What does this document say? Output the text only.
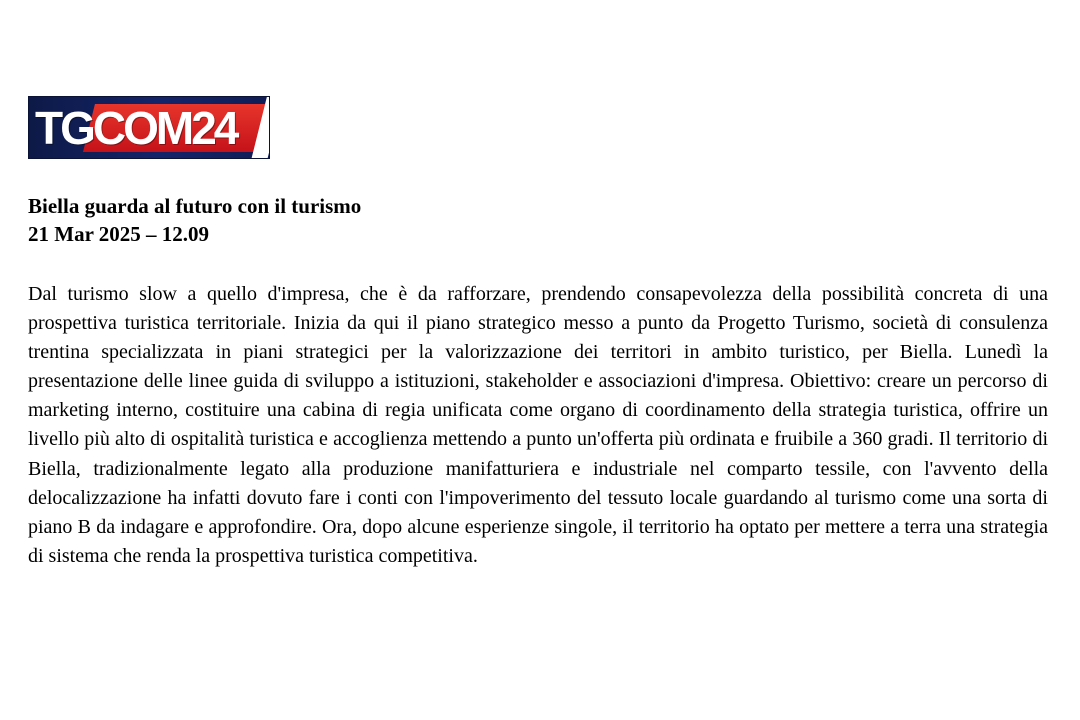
TGCOM24
Biella guarda al futuro con il turismo
21 Mar 2025 – 12.09

Dal turismo slow a quello d'impresa, che è da rafforzare, prendendo consapevolezza della possibilità concreta di una prospettiva turistica territoriale. Inizia da qui il piano strategico messo a punto da Progetto Turismo, società di consulenza trentina specializzata in piani strategici per la valorizzazione dei territori in ambito turistico, per Biella. Lunedì la presentazione delle linee guida di sviluppo a istituzioni, stakeholder e associazioni d'impresa. Obiettivo: creare un percorso di marketing interno, costituire una cabina di regia unificata come organo di coordinamento della strategia turistica, offrire un livello più alto di ospitalità turistica e accoglienza mettendo a punto un'offerta più ordinata e fruibile a 360 gradi. Il territorio di Biella, tradizionalmente legato alla produzione manifatturiera e industriale nel comparto tessile, con l'avvento della delocalizzazione ha infatti dovuto fare i conti con l'impoverimento del tessuto locale guardando al turismo come una sorta di piano B da indagare e approfondire. Ora, dopo alcune esperienze singole, il territorio ha optato per mettere a terra una strategia di sistema che renda la prospettiva turistica competitiva.
